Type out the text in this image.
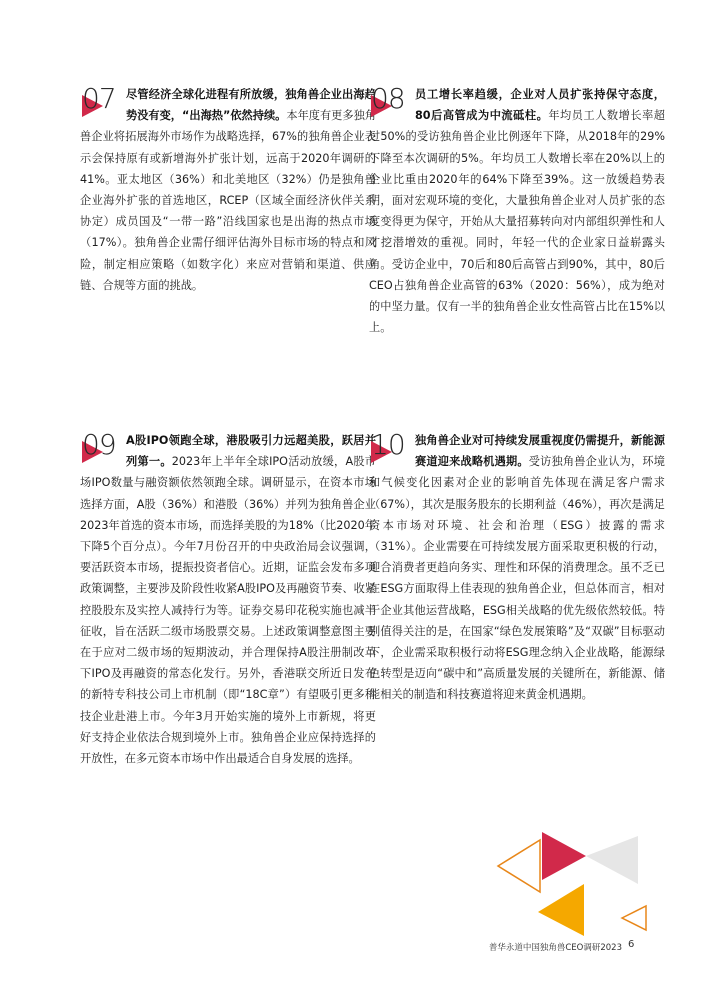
07 尽管经济全球化进程有所放缓，独角兽企业出海趋势没有变，“出海热”依然持续。本年度有更多独角兽企业将拓展海外市场作为战略选择，67%的独角兽企业表示会保持原有或新增海外扩张计划，远高于2020年调研的41%。亚太地区（36%）和北美地区（32%）仍是独角兽企业海外扩张的首选地区，RCEP（区域全面经济伙伴关系协定）成员国及“一带一路”沿线国家也是出海的热点市场（17%）。独角兽企业需仔细评估海外目标市场的特点和风险，制定相应策略（如数字化）来应对营销和渠道、供应链、合规等方面的挑战。

08 员工增长率趋缓，企业对人员扩张持保守态度，80后高管成为中流砥柱。年均员工人数增长率超过50%的受访独角兽企业比例逐年下降，从2018年的29%下降至本次调研的5%。年均员工人数增长率在20%以上的企业比重由2020年的64%下降至39%。这一放缓趋势表明，面对宏观环境的变化，大量独角兽企业对人员扩张的态度变得更为保守，开始从大量招募转向对内部组织弹性和人才挖潜增效的重视。同时，年轻一代的企业家日益崭露头角。受访企业中，70后和80后高管占到90%，其中，80后CEO占独角兽企业高管的63%（2020：56%），成为绝对的中坚力量。仅有一半的独角兽企业女性高管占比在15%以上。

09 A股IPO领跑全球，港股吸引力远超美股，跃居并列第一。2023年上半年全球IPO活动放缓，A股市场IPO数量与融资额依然领跑全球。调研显示，在资本市场选择方面，A股（36%）和港股（36%）并列为独角兽企业2023年首选的资本市场，而选择美股的为18%（比2020年下降5个百分点）。今年7月份召开的中央政治局会议强调，要活跃资本市场，提振投资者信心。近期，证监会发布多项政策调整，主要涉及阶段性收紧A股IPO及再融资节奏、收紧控股股东及实控人减持行为等。证券交易印花税实施也减半征收，旨在活跃二级市场股票交易。上述政策调整意图主要在于应对二级市场的短期波动，并合理保持A股注册制改革下IPO及再融资的常态化发行。另外，香港联交所近日发布的新特专科技公司上市机制（即“18C章”）有望吸引更多科技企业赴港上市。今年3月开始实施的境外上市新规，将更好支持企业依法合规到境外上市。独角兽企业应保持选择的开放性，在多元资本市场中作出最适合自身发展的选择。

10 独角兽企业对可持续发展重视度仍需提升，新能源赛道迎来战略机遇期。受访独角兽企业认为，环境和气候变化因素对企业的影响首先体现在满足客户需求（67%），其次是服务股东的长期利益（46%），再次是满足资本市场对环境、社会和治理（ESG）披露的需求（31%）。企业需要在可持续发展方面采取更积极的行动，迎合消费者更趋向务实、理性和环保的消费理念。虽不乏已在ESG方面取得上佳表现的独角兽企业，但总体而言，相对于企业其他运营战略，ESG相关战略的优先级依然较低。特别值得关注的是，在国家“绿色发展策略”及“双碳”目标驱动下，企业需采取积极行动将ESG理念纳入企业战略，能源绿色转型是迈向“碳中和”高质量发展的关键所在，新能源、储能相关的制造和科技赛道将迎来黄金机遇期。

普华永道中国独角兽CEO调研2023 6
